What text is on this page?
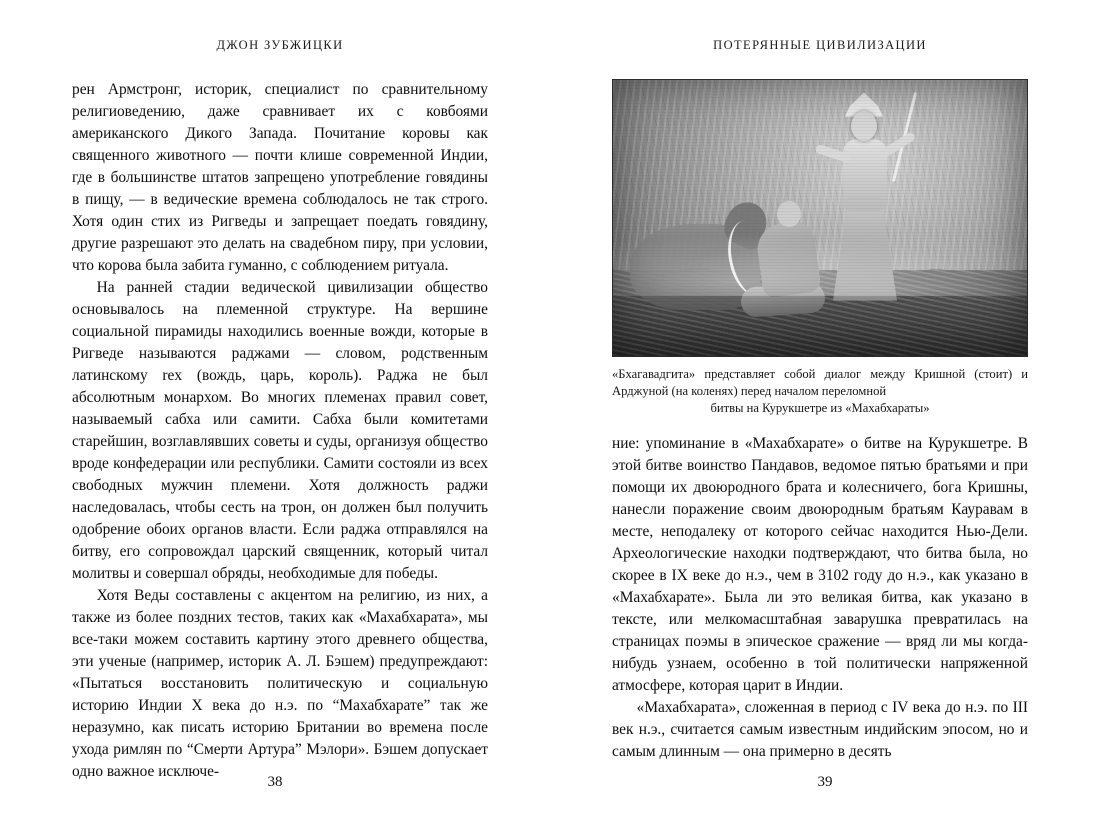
ДЖОН ЗУБЖИЦКИ

рен Армстронг, историк, специалист по сравнительному религиоведению, даже сравнивает их с ковбоями американского Дикого Запада. Почитание коровы как священного животного — почти клише современной Индии, где в большинстве штатов запрещено употребление говядины в пищу, — в ведические времена соблюдалось не так строго. Хотя один стих из Ригведы и запрещает поедать говядину, другие разрешают это делать на свадебном пиру, при условии, что корова была забита гуманно, с соблюдением ритуала.

На ранней стадии ведической цивилизации общество основывалось на племенной структуре. На вершине социальной пирамиды находились военные вожди, которые в Ригведе называются раджами — словом, родственным латинскому rex (вождь, царь, король). Раджа не был абсолютным монархом. Во многих племенах правил совет, называемый сабха или самити. Сабха были комитетами старейшин, возглавлявших советы и суды, организуя общество вроде конфедерации или республики. Самити состояли из всех свободных мужчин племени. Хотя должность раджи наследовалась, чтобы сесть на трон, он должен был получить одобрение обоих органов власти. Если раджа отправлялся на битву, его сопровождал царский священник, который читал молитвы и совершал обряды, необходимые для победы.

Хотя Веды составлены с акцентом на религию, из них, а также из более поздних тестов, таких как «Махабхарата», мы все-таки можем составить картину этого древнего общества, эти ученые (например, историк А. Л. Бэшем) предупреждают: «Пытаться восстановить политическую и социальную историю Индии X века до н.э. по “Махабхарате” так же неразумно, как писать историю Британии во времена после ухода римлян по “Смерти Артура” Мэлори». Бэшем допускает одно важное исключе-

38
ПОТЕРЯННЫЕ ЦИВИЛИЗАЦИИ
«Бхагавадгита» представляет собой диалог между Кришной (стоит) и Арджуной (на коленях) перед началом переломной
битвы на Курукшетре из «Махабхараты»

ние: упоминание в «Махабхарате» о битве на Курукшетре. В этой битве воинство Пандавов, ведомое пятью братьями и при помощи их двоюродного брата и колесничего, бога Кришны, нанесли поражение своим двоюродным братьям Кауравам в месте, неподалеку от которого сейчас находится Нью-Дели. Археологические находки подтверждают, что битва была, но скорее в IX веке до н.э., чем в 3102 году до н.э., как указано в «Махабхарате». Была ли это великая битва, как указано в тексте, или мелкомасштабная заварушка превратилась на страницах поэмы в эпическое сражение — вряд ли мы когда-нибудь узнаем, особенно в той политически напряженной атмосфере, которая царит в Индии.

«Махабхарата», сложенная в период с IV века до н.э. по III век н.э., считается самым известным индийским эпосом, но и самым длинным — она примерно в десять

39
